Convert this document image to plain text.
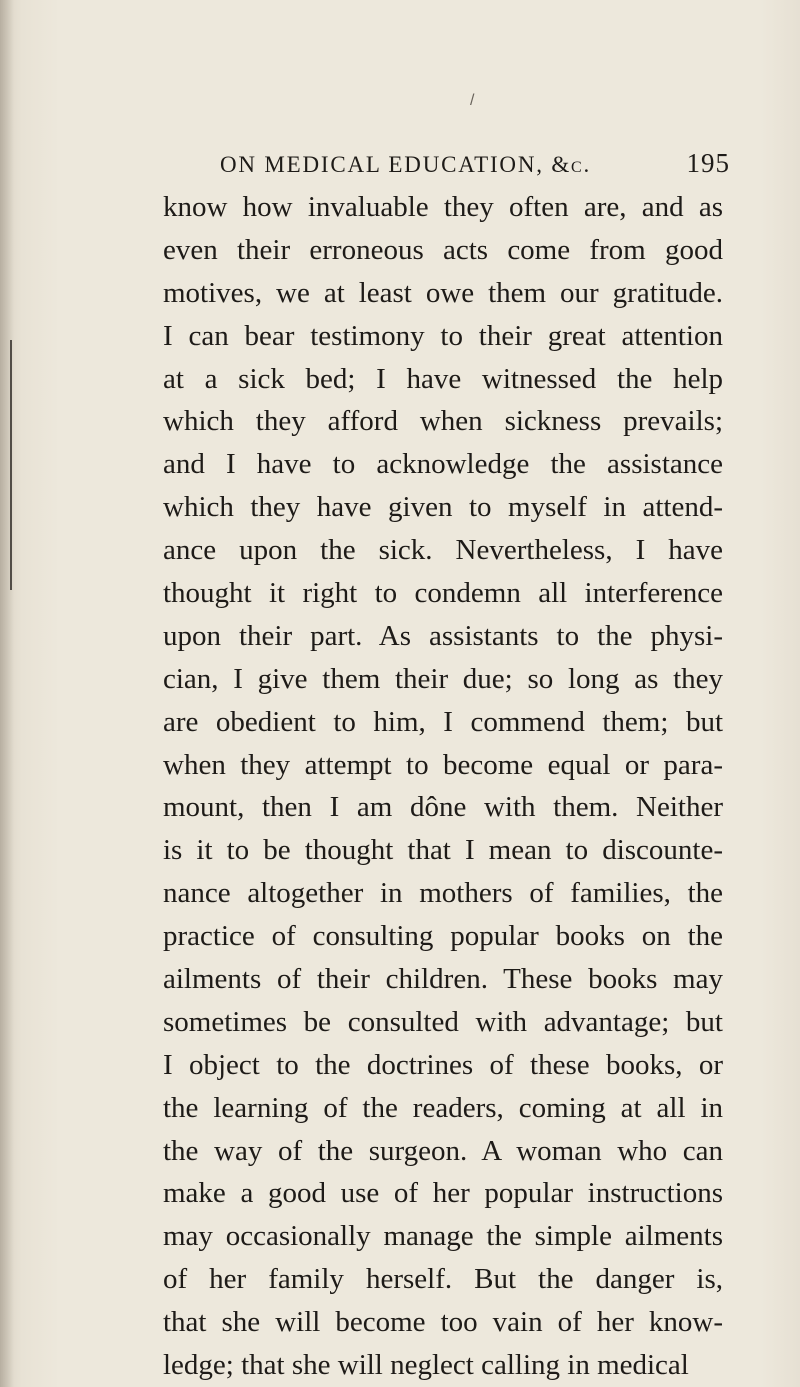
/
ON MEDICAL EDUCATION, &c.	195
know how invaluable they often are, and as
even their erroneous acts come from good
motives, we at least owe them our gratitude.
I can bear testimony to their great attention
at a sick bed; I have witnessed the help
which they afford when sickness prevails;
and I have to acknowledge the assistance
which they have given to myself in attend-
ance upon the sick. Nevertheless, I have
thought it right to condemn all interference
upon their part. As assistants to the physi-
cian, I give them their due; so long as they
are obedient to him, I commend them; but
when they attempt to become equal or para-
mount, then I am dône with them. Neither
is it to be thought that I mean to discounte-
nance altogether in mothers of families, the
practice of consulting popular books on the
ailments of their children. These books may
sometimes be consulted with advantage; but
I object to the doctrines of these books, or
the learning of the readers, coming at all in
the way of the surgeon. A woman who can
make a good use of her popular instructions
may occasionally manage the simple ailments
of her family herself. But the danger is,
that she will become too vain of her know-
ledge; that she will neglect calling in medical
